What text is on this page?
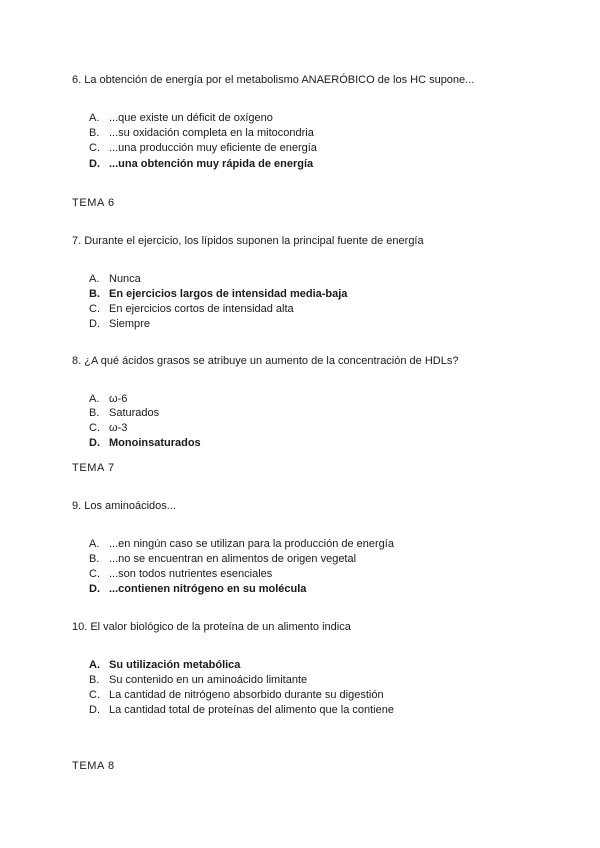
6. La obtención de energía por el metabolismo ANAERÓBICO de los HC supone...
A. ...que existe un déficit de oxígeno
B. ...su oxidación completa en la mitocondria
C. ...una producción muy eficiente de energía
D. ...una obtención muy rápida de energía
TEMA 6
7. Durante el ejercicio, los lípidos suponen la principal fuente de energía
A. Nunca
B. En ejercicios largos de intensidad media-baja
C. En ejercicios cortos de intensidad alta
D. Siempre
8. ¿A qué ácidos grasos se atribuye un aumento de la concentración de HDLs?
A. ω-6
B. Saturados
C. ω-3
D. Monoinsaturados
TEMA 7
9. Los aminoácidos...
A. ...en ningún caso se utilizan para la producción de energía
B. ...no se encuentran en alimentos de origen vegetal
C. ...son todos nutrientes esenciales
D. ...contienen nitrógeno en su molécula
10. El valor biológico de la proteína de un alimento indica
A. Su utilización metabólica
B. Su contenido en un aminoácido limitante
C. La cantidad de nitrógeno absorbido durante su digestión
D. La cantidad total de proteínas del alimento que la contiene
TEMA 8
